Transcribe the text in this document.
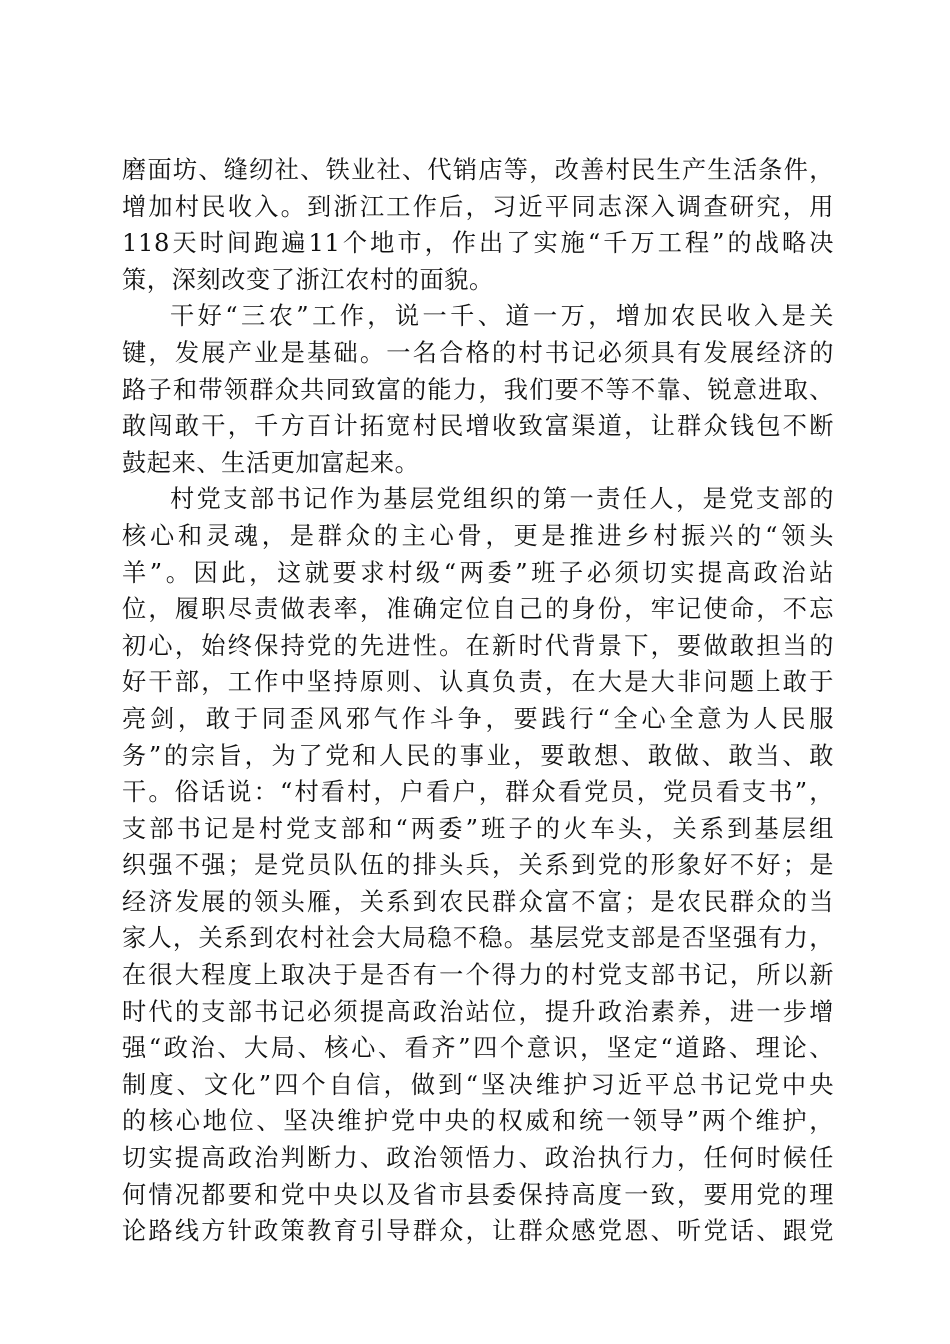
磨面坊、缝纫社、铁业社、代销店等，改善村民生产生活条件，
增加村民收入。到浙江工作后，习近平同志深入调查研究，用
118天时间跑遍11个地市，作出了实施“千万工程”的战略决
策，深刻改变了浙江农村的面貌。
干好“三农”工作，说一千、道一万，增加农民收入是关
键，发展产业是基础。一名合格的村书记必须具有发展经济的
路子和带领群众共同致富的能力，我们要不等不靠、锐意进取、
敢闯敢干，千方百计拓宽村民增收致富渠道，让群众钱包不断
鼓起来、生活更加富起来。
村党支部书记作为基层党组织的第一责任人，是党支部的
核心和灵魂，是群众的主心骨，更是推进乡村振兴的“领头
羊”。因此，这就要求村级“两委”班子必须切实提高政治站
位，履职尽责做表率，准确定位自己的身份，牢记使命，不忘
初心，始终保持党的先进性。在新时代背景下，要做敢担当的
好干部，工作中坚持原则、认真负责，在大是大非问题上敢于
亮剑，敢于同歪风邪气作斗争，要践行“全心全意为人民服
务”的宗旨，为了党和人民的事业，要敢想、敢做、敢当、敢
干。俗话说：“村看村，户看户，群众看党员，党员看支书”，
支部书记是村党支部和“两委”班子的火车头，关系到基层组
织强不强；是党员队伍的排头兵，关系到党的形象好不好；是
经济发展的领头雁，关系到农民群众富不富；是农民群众的当
家人，关系到农村社会大局稳不稳。基层党支部是否坚强有力，
在很大程度上取决于是否有一个得力的村党支部书记，所以新
时代的支部书记必须提高政治站位，提升政治素养，进一步增
强“政治、大局、核心、看齐”四个意识，坚定“道路、理论、
制度、文化”四个自信，做到“坚决维护习近平总书记党中央
的核心地位、坚决维护党中央的权威和统一领导”两个维护，
切实提高政治判断力、政治领悟力、政治执行力，任何时候任
何情况都要和党中央以及省市县委保持高度一致，要用党的理
论路线方针政策教育引导群众，让群众感党恩、听党话、跟党
